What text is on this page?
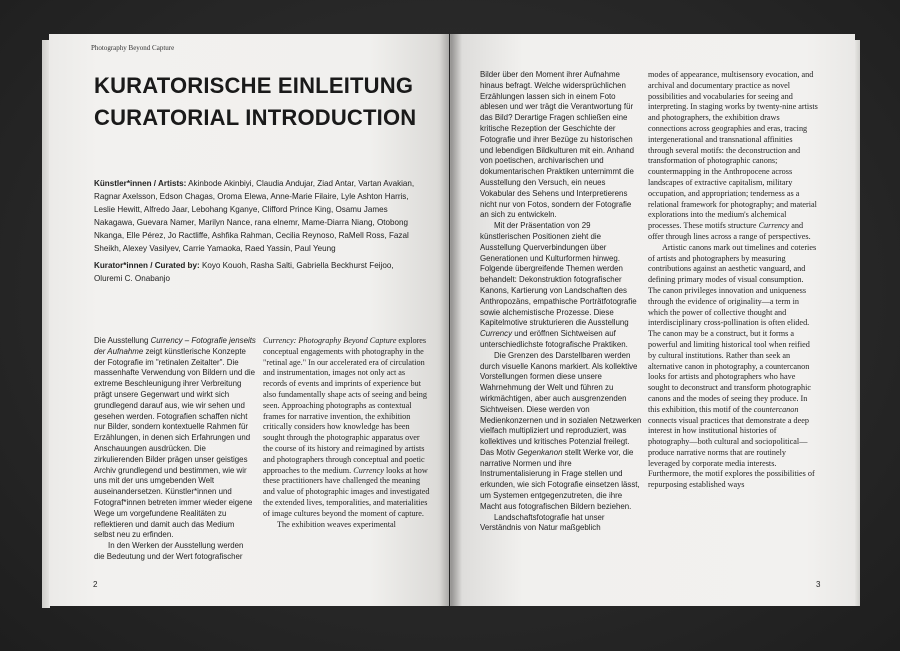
Photography Beyond Capture
KURATORISCHE EINLEITUNG
CURATORIAL INTRODUCTION
Künstler*innen / Artists: Akinbode Akinbiyi, Claudia Andujar, Ziad Antar, Vartan Avakian, Ragnar Axelsson, Edson Chagas, Oroma Elewa, Anne-Marie Filaire, Lyle Ashton Harris, Leslie Hewitt, Alfredo Jaar, Lebohang Kganye, Clifford Prince King, Osamu James Nakagawa, Guevara Namer, Marilyn Nance, rana elnemr, Mame-Diarra Niang, Otobong Nkanga, Elle Pérez, Jo Ractliffe, Ashfika Rahman, Cecilia Reynoso, RaMell Ross, Fazal Sheikh, Alexey Vasilyev, Carrie Yamaoka, Raed Yassin, Paul Yeung
Kurator*innen / Curated by: Koyo Kouoh, Rasha Salti, Gabriella Beckhurst Feijoo, Oluremi C. Onabanjo

Die Ausstellung Currency – Fotografie jenseits der Aufnahme zeigt künstlerische Konzepte der Fotografie im "retinalen Zeitalter". Die massenhafte Verwendung von Bildern und die extreme Beschleunigung ihrer Verbreitung prägt unsere Gegenwart und wirkt sich grundlegend darauf aus, wie wir sehen und gesehen werden. Fotografien schaffen nicht nur Bilder, sondern kontextuelle Rahmen für Erzählungen, in denen sich Erfahrungen und Anschauungen ausdrücken. Die zirkulierenden Bilder prägen unser geistiges Archiv grundlegend und bestimmen, wie wir uns mit der uns umgebenden Welt auseinandersetzen. Künstler*innen und Fotograf*innen betreten immer wieder eigene Wege um vorgefundene Realitäten zu reflektieren und damit auch das Medium selbst neu zu erfinden.

In den Werken der Ausstellung werden die Bedeutung und der Wert fotografischer

Currency: Photography Beyond Capture explores conceptual engagements with photography in the "retinal age." In our accelerated era of circulation and instrumentation, images not only act as records of events and imprints of experience but also fundamentally shape acts of seeing and being seen. Approaching photographs as contextual frames for narrative invention, the exhibition critically considers how knowledge has been sought through the photographic apparatus over the course of its history and reimagined by artists and photographers through conceptual and poetic approaches to the medium. Currency looks at how these practitioners have challenged the meaning and value of photographic images and investigated the extended lives, temporalities, and materialities of image cultures beyond the moment of capture.

The exhibition weaves experimental

2

Bilder über den Moment ihrer Aufnahme hinaus befragt. Welche widersprüchlichen Erzählungen lassen sich in einem Foto ablesen und wer trägt die Verantwortung für das Bild? Derartige Fragen schließen eine kritische Rezeption der Geschichte der Fotografie und ihrer Bezüge zu historischen und lebendigen Bildkulturen mit ein. Anhand von poetischen, archivarischen und dokumentarischen Praktiken unternimmt die Ausstellung den Versuch, ein neues Vokabular des Sehens und Interpretierens nicht nur von Fotos, sondern der Fotografie an sich zu entwickeln.

Mit der Präsentation von 29 künstlerischen Positionen zieht die Ausstellung Querverbindungen über Generationen und Kulturformen hinweg. Folgende übergreifende Themen werden behandelt: Dekonstruktion fotografischer Kanons, Kartierung von Landschaften des Anthropozäns, empathische Porträtfotografie sowie alchemistische Prozesse. Diese Kapitelmotive strukturieren die Ausstellung Currency und eröffnen Sichtweisen auf unterschiedlichste fotografische Praktiken.

Die Grenzen des Darstellbaren werden durch visuelle Kanons markiert. Als kollektive Vorstellungen formen diese unsere Wahrnehmung der Welt und führen zu wirkmächtigen, aber auch ausgrenzenden Sichtweisen. Diese werden von Medienkonzernen und in sozialen Netzwerken vielfach multipliziert und reproduziert, was kollektives und kritisches Potenzial freilegt. Das Motiv Gegenkanon stellt Werke vor, die narrative Normen und ihre Instrumentalisierung in Frage stellen und erkunden, wie sich Fotografie einsetzen lässt, um Systemen entgegenzutreten, die ihre Macht aus fotografischen Bildern beziehen.

Landschaftsfotografie hat unser Verständnis von Natur maßgeblich

modes of appearance, multisensory evocation, and archival and documentary practice as novel possibilities and vocabularies for seeing and interpreting. In staging works by twenty-nine artists and photographers, the exhibition draws connections across geographies and eras, tracing intergenerational and transnational affinities through several motifs: the deconstruction and transformation of photographic canons; countermapping in the Anthropocene across landscapes of extractive capitalism, military occupation, and appropriation; tenderness as a relational framework for photography; and material explorations into the medium's alchemical processes. These motifs structure Currency and offer through lines across a range of perspectives.

Artistic canons mark out timelines and coteries of artists and photographers by measuring contributions against an aesthetic vanguard, and defining primary modes of visual consumption. The canon privileges innovation and uniqueness through the evidence of originality—a term in which the power of collective thought and interdisciplinary cross-pollination is often elided. The canon may be a construct, but it forms a powerful and limiting historical tool when reified by cultural institutions. Rather than seek an alternative canon in photography, a countercanon looks for artists and photographers who have sought to deconstruct and transform photographic canons and the modes of seeing they produce. In this exhibition, this motif of the countercanon connects visual practices that demonstrate a deep interest in how institutional histories of photography—both cultural and sociopolitical—produce narrative norms that are routinely leveraged by corporate media interests. Furthermore, the motif explores the possibilities of repurposing established ways

3
